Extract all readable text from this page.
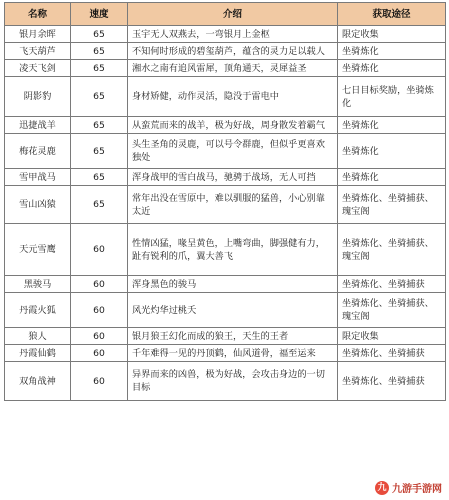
名称	速度	介绍	获取途径
银月余晖	65	玉宇无人双燕去，一弯银月上金枢	限定收集
飞天葫芦	65	不知何时形成的碧玺葫芦，蕴含的灵力足以载人	坐骑炼化
凌天飞剑	65	湘水之南有追风雷犀，顶角通天，灵犀益圣	坐骑炼化
阴影豹	65	身材矫健，动作灵活，隐没于雷电中	七日目标奖励，坐骑炼化
迅捷战羊	65	从蛮荒而来的战羊，极为好战，周身散发着霸气	坐骑炼化
梅花灵鹿	65	头生圣角的灵鹿，可以号令群鹿，但似乎更喜欢独处	坐骑炼化
雪甲战马	65	浑身战甲的雪白战马，驰骋于战场，无人可挡	坐骑炼化
雪山凶猿	65	常年出没在雪原中，难以驯服的猛兽，小心别靠太近	坐骑炼化、坐骑捕获、瑰宝阁
天元雪鹰	60	性情凶猛，喙呈黄色，上嘴弯曲，脚强健有力，趾有锐利的爪，翼大善飞	坐骑炼化、坐骑捕获、瑰宝阁
黑骏马	60	浑身黑色的骏马	坐骑炼化、坐骑捕获
丹霞火狐	60	风光灼华过桃夭	坐骑炼化、坐骑捕获、瑰宝阁
狼人	60	银月狼王幻化而成的狼王，天生的王者	限定收集
丹霞仙鹤	60	千年难得一见的丹顶鹤，仙风道骨，福至运来	坐骑炼化、坐骑捕获
双角战神	60	异界而来的凶兽，极为好战，会攻击身边的一切目标	坐骑炼化、坐骑捕获
九 九游手游网
